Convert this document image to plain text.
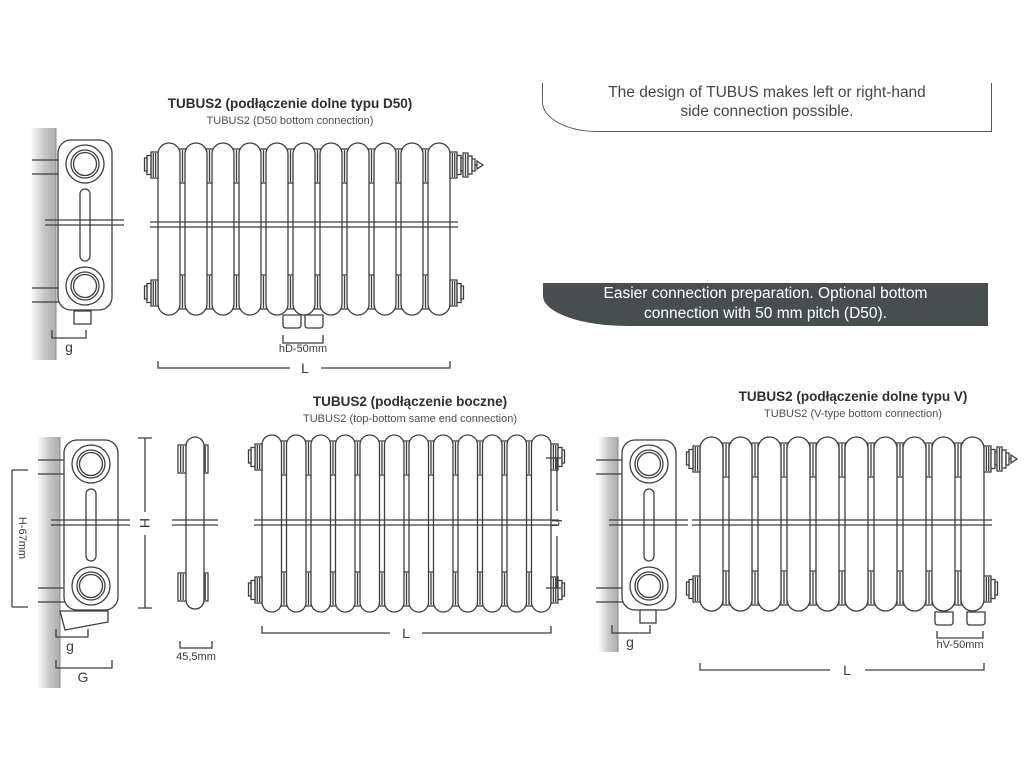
TUBUS2 (podłączenie dolne typu D50)
TUBUS2 (D50 bottom connection)
TUBUS2 (podłączenie boczne)
TUBUS2 (top-bottom same end connection)
TUBUS2 (podłączenie dolne typu V)
TUBUS2 (V-type bottom connection)
The design of TUBUS makes left or right-hand
side connection possible.
Easier connection preparation. Optional bottom
connection with 50 mm pitch (D50).
g	hD-50mm
L
g
G
H-67mm	H
45,5mm
L
h
g	hV-50mm
L
